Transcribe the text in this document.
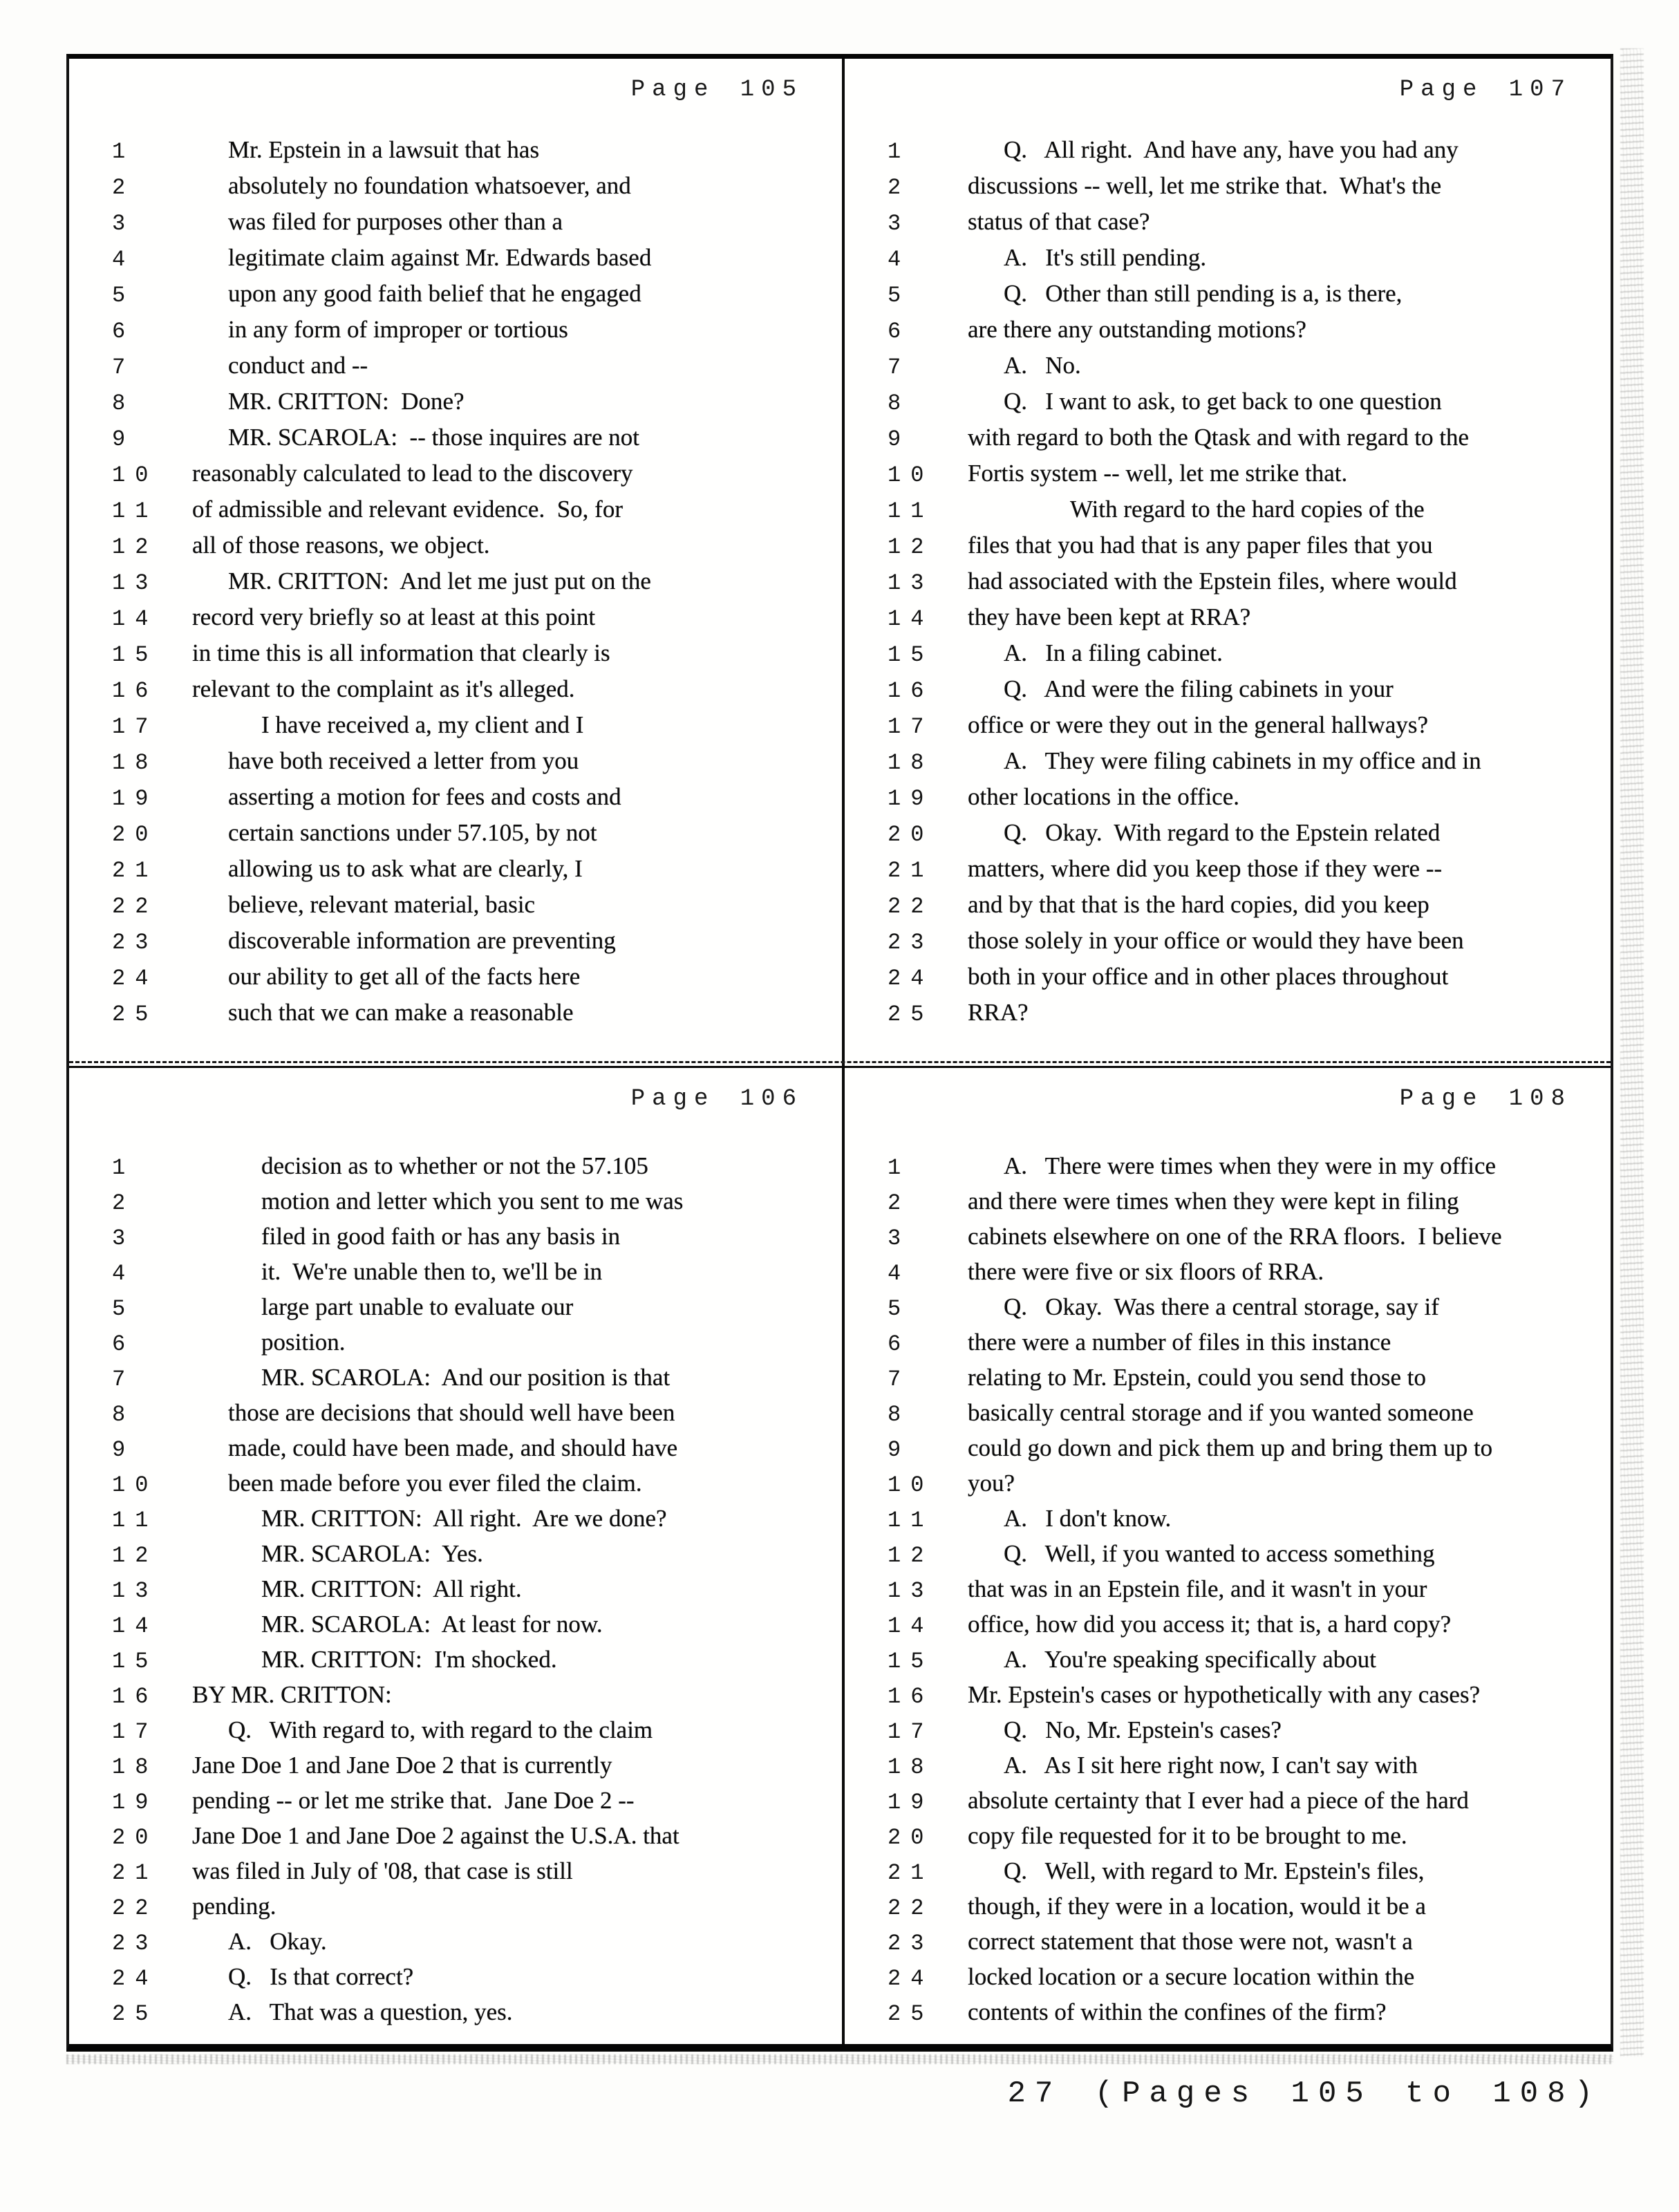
Page 105
1	Mr. Epstein in a lawsuit that has
2	absolutely no foundation whatsoever, and
3	was filed for purposes other than a
4	legitimate claim against Mr. Edwards based
5	upon any good faith belief that he engaged
6	in any form of improper or tortious
7	conduct and --
8	MR. CRITTON:  Done?
9	MR. SCAROLA:  -- those inquires are not
10	reasonably calculated to lead to the discovery
11	of admissible and relevant evidence.  So, for
12	all of those reasons, we object.
13	MR. CRITTON:  And let me just put on the
14	record very briefly so at least at this point
15	in time this is all information that clearly is
16	relevant to the complaint as it's alleged.
17	I have received a, my client and I
18	have both received a letter from you
19	asserting a motion for fees and costs and
20	certain sanctions under 57.105, by not
21	allowing us to ask what are clearly, I
22	believe, relevant material, basic
23	discoverable information are preventing
24	our ability to get all of the facts here
25	such that we can make a reasonable
Page 107
1	Q.   All right.  And have any, have you had any
2	discussions -- well, let me strike that.  What's the
3	status of that case?
4	A.   It's still pending.
5	Q.   Other than still pending is a, is there,
6	are there any outstanding motions?
7	A.   No.
8	Q.   I want to ask, to get back to one question
9	with regard to both the Qtask and with regard to the
10	Fortis system -- well, let me strike that.
11	With regard to the hard copies of the
12	files that you had that is any paper files that you
13	had associated with the Epstein files, where would
14	they have been kept at RRA?
15	A.   In a filing cabinet.
16	Q.   And were the filing cabinets in your
17	office or were they out in the general hallways?
18	A.   They were filing cabinets in my office and in
19	other locations in the office.
20	Q.   Okay.  With regard to the Epstein related
21	matters, where did you keep those if they were --
22	and by that that is the hard copies, did you keep
23	those solely in your office or would they have been
24	both in your office and in other places throughout
25	RRA?
Page 106
1	decision as to whether or not the 57.105
2	motion and letter which you sent to me was
3	filed in good faith or has any basis in
4	it.  We're unable then to, we'll be in
5	large part unable to evaluate our
6	position.
7	MR. SCAROLA:  And our position is that
8	those are decisions that should well have been
9	made, could have been made, and should have
10	been made before you ever filed the claim.
11	MR. CRITTON:  All right.  Are we done?
12	MR. SCAROLA:  Yes.
13	MR. CRITTON:  All right.
14	MR. SCAROLA:  At least for now.
15	MR. CRITTON:  I'm shocked.
16	BY MR. CRITTON:
17	Q.   With regard to, with regard to the claim
18	Jane Doe 1 and Jane Doe 2 that is currently
19	pending -- or let me strike that.  Jane Doe 2 --
20	Jane Doe 1 and Jane Doe 2 against the U.S.A. that
21	was filed in July of '08, that case is still
22	pending.
23	A.   Okay.
24	Q.   Is that correct?
25	A.   That was a question, yes.
Page 108
1	A.   There were times when they were in my office
2	and there were times when they were kept in filing
3	cabinets elsewhere on one of the RRA floors.  I believe
4	there were five or six floors of RRA.
5	Q.   Okay.  Was there a central storage, say if
6	there were a number of files in this instance
7	relating to Mr. Epstein, could you send those to
8	basically central storage and if you wanted someone
9	could go down and pick them up and bring them up to
10	you?
11	A.   I don't know.
12	Q.   Well, if you wanted to access something
13	that was in an Epstein file, and it wasn't in your
14	office, how did you access it; that is, a hard copy?
15	A.   You're speaking specifically about
16	Mr. Epstein's cases or hypothetically with any cases?
17	Q.   No, Mr. Epstein's cases?
18	A.   As I sit here right now, I can't say with
19	absolute certainty that I ever had a piece of the hard
20	copy file requested for it to be brought to me.
21	Q.   Well, with regard to Mr. Epstein's files,
22	though, if they were in a location, would it be a
23	correct statement that those were not, wasn't a
24	locked location or a secure location within the
25	contents of within the confines of the firm?
27 (Pages 105 to 108)
